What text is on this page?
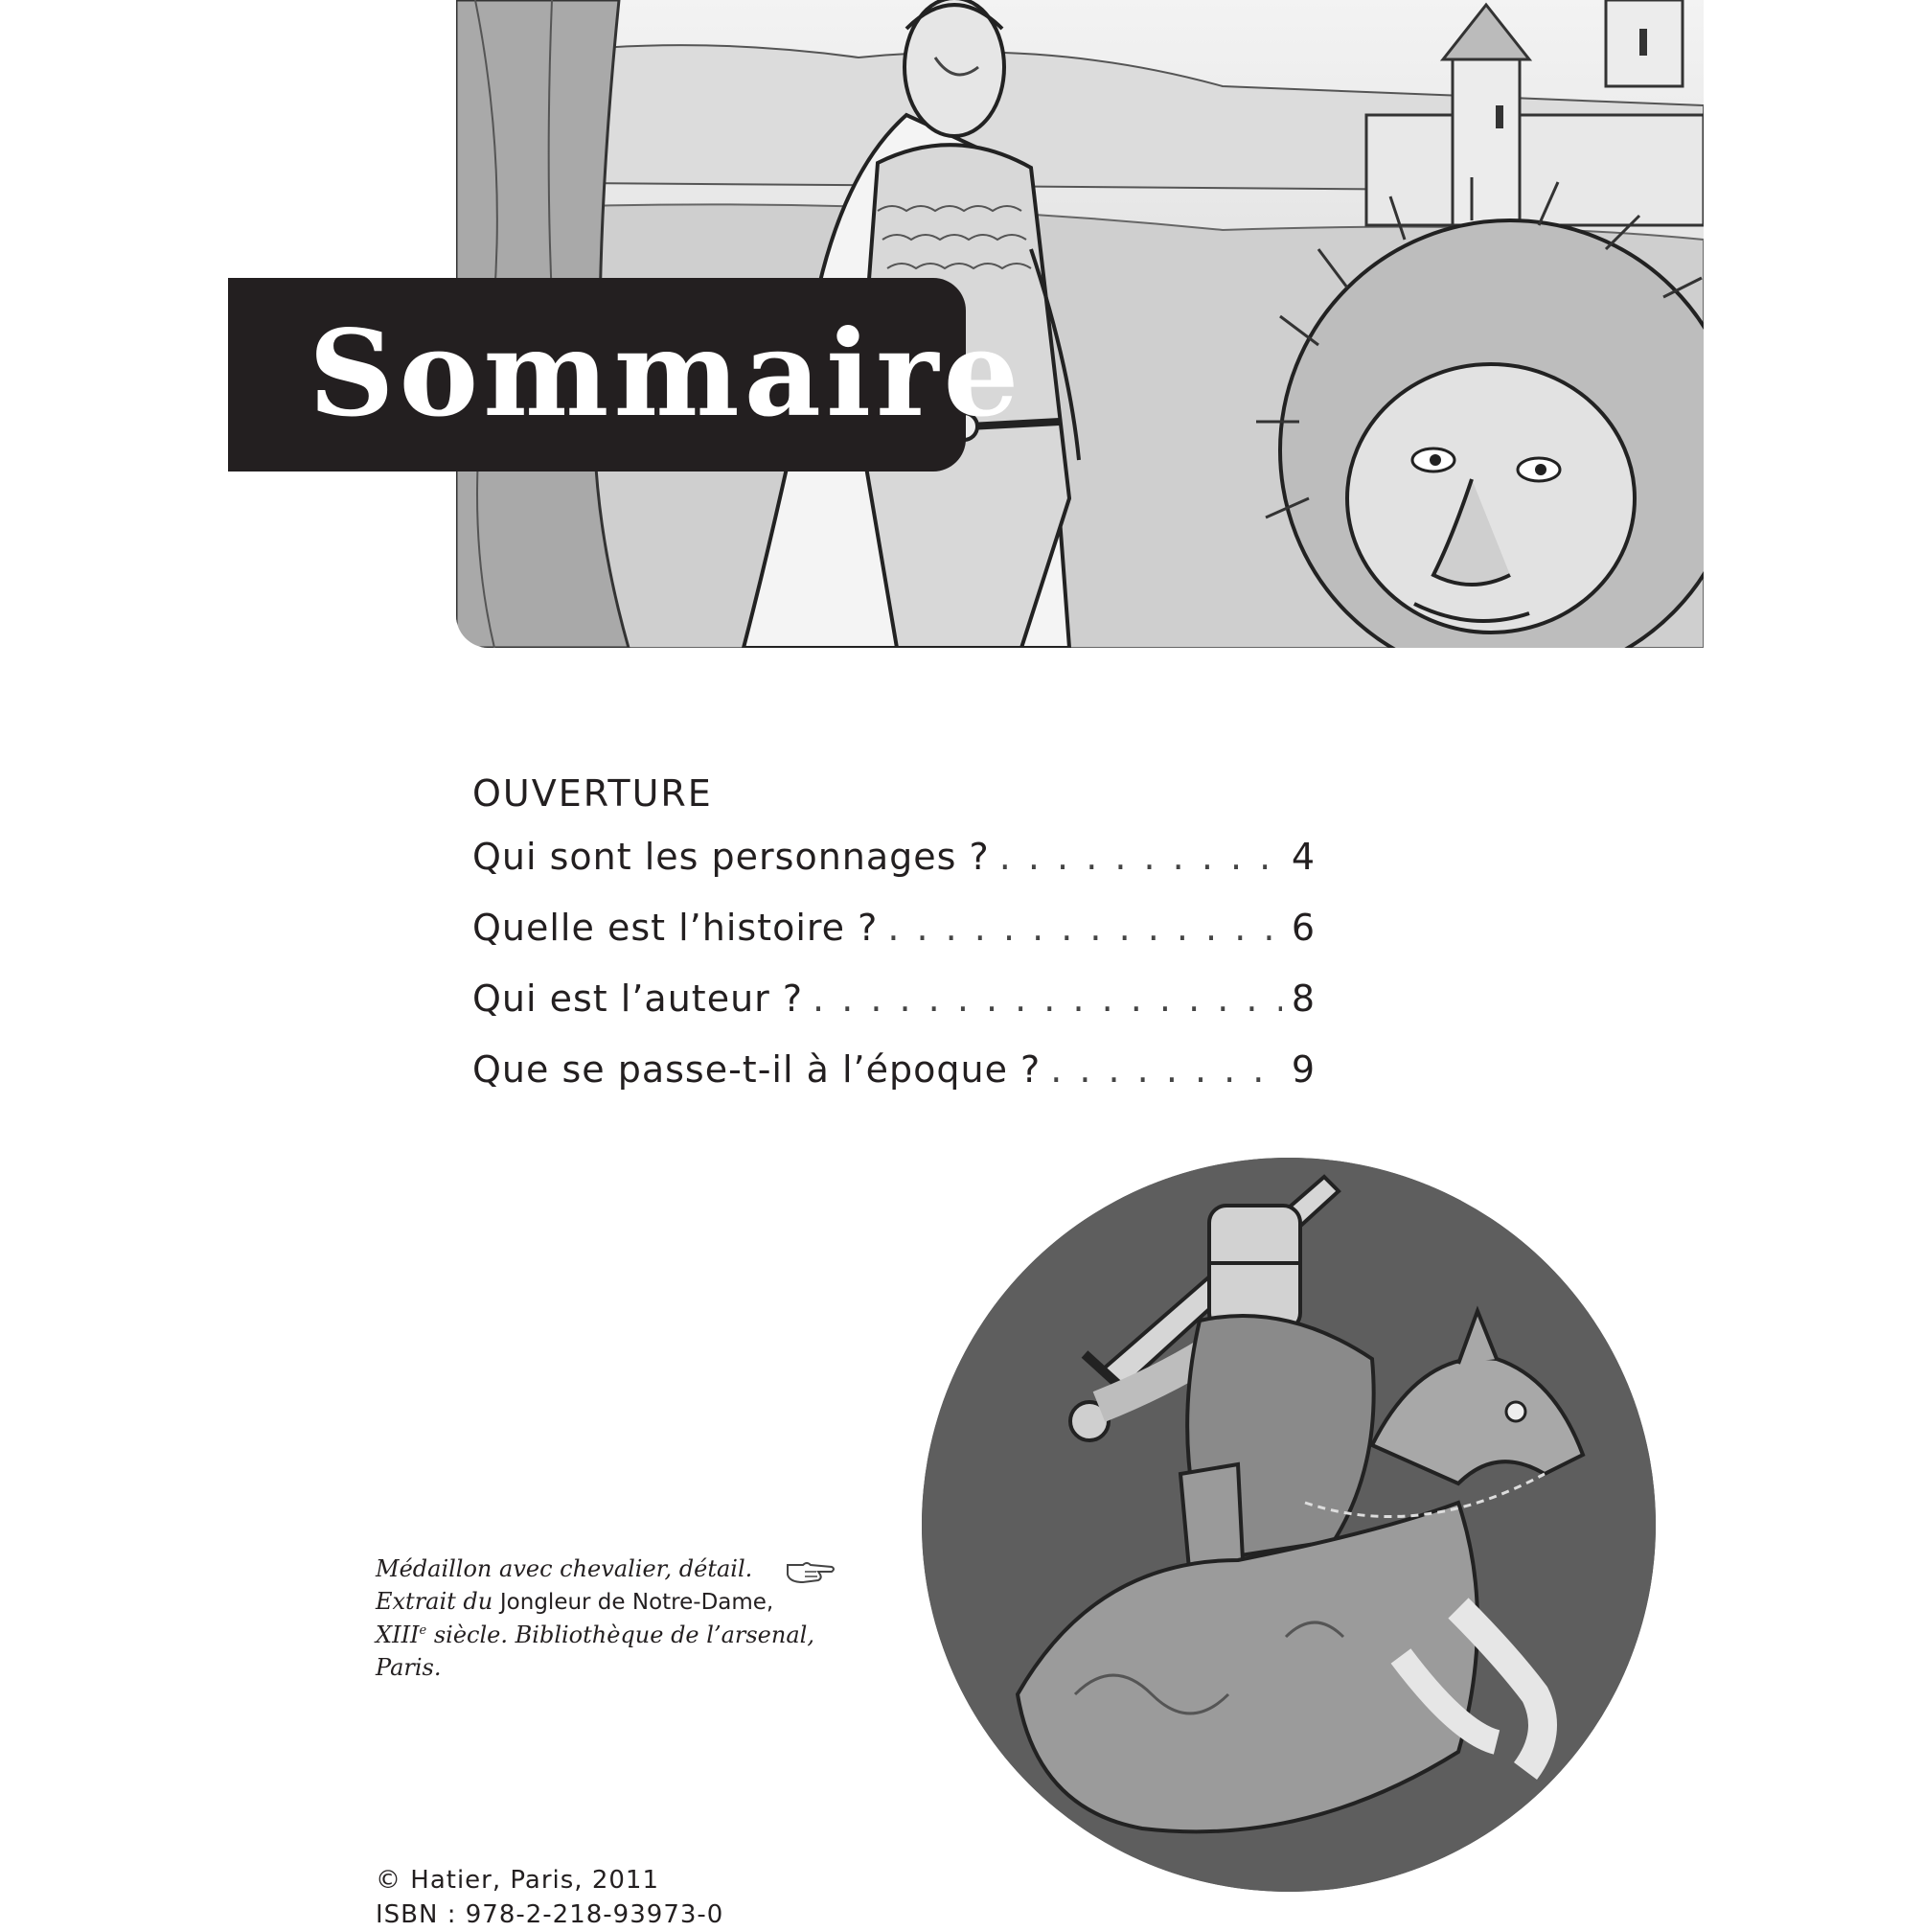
Sommaire
OUVERTURE
Qui sont les personnages ? . . .	4
Quelle est l’histoire ? . . .	6
Qui est l’auteur ? . . .	8
Que se passe-t-il à l’époque ? . . .	9
Médaillon avec chevalier, détail.
Extrait du Jongleur de Notre-Dame,
XIIIe siècle. Bibliothèque de l’arsenal,
Paris.
© Hatier, Paris, 2011
ISBN : 978-2-218-93973-0
